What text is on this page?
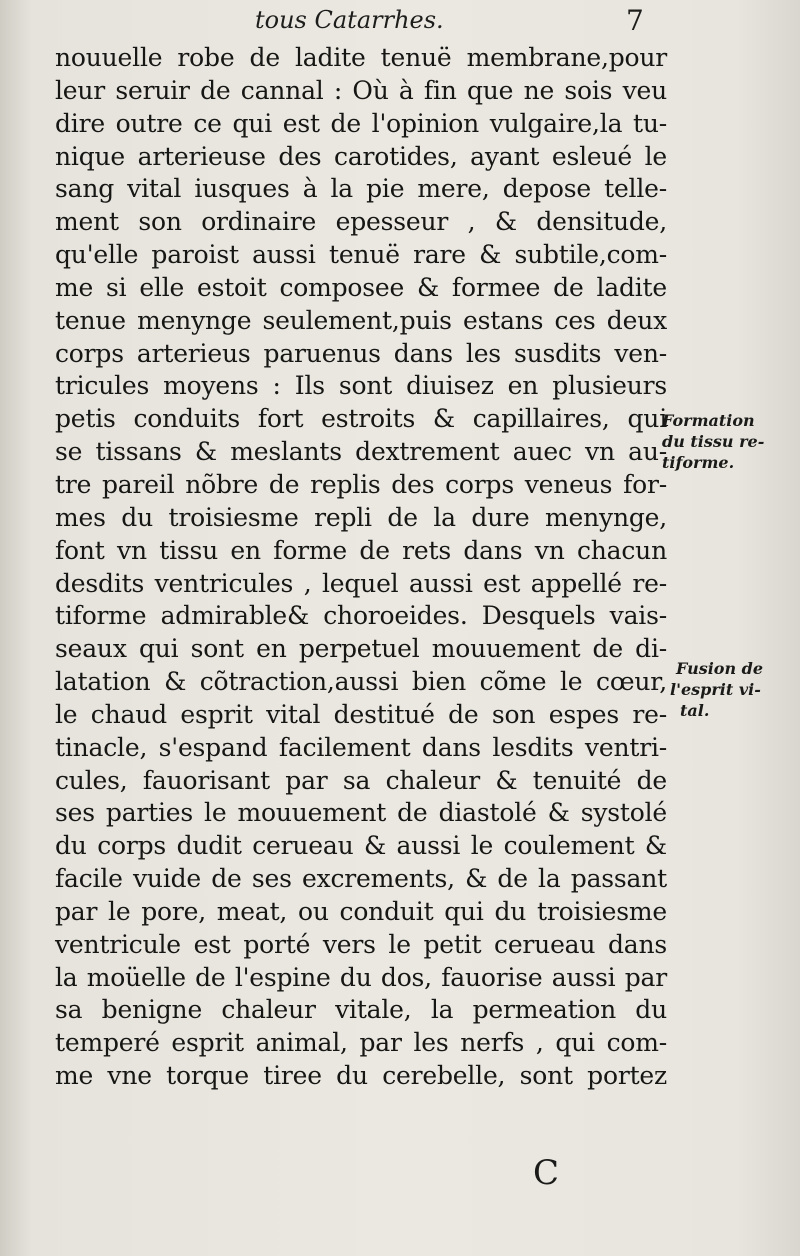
tous Catarrhes.	7
nouuelle robe de ladite tenuë membrane,pour
leur seruir de cannal : Où à fin que ne sois veu
dire outre ce qui est de l'opinion vulgaire,la tu-
nique arterieuse des carotides, ayant esleué le
sang vital iusques à la pie mere, depose telle-
ment son ordinaire epesseur , & densitude,
qu'elle paroist aussi tenuë rare & subtile,com-
me si elle estoit composee & formee de ladite
tenue menynge seulement,puis estans ces deux
corps arterieus paruenus dans les susdits ven-
tricules moyens : Ils sont diuisez en plusieurs
petis conduits fort estroits & capillaires, qui
se tissans & meslants dextrement auec vn au-
tre pareil nõbre de replis des corps veneus for-
mes du troisiesme repli de la dure menynge,
font vn tissu en forme de rets dans vn chacun
desdits ventricules , lequel aussi est appellé re-
tiforme admirable& choroeides. Desquels vais-
seaux qui sont en perpetuel mouuement de di-
latation & cõtraction,aussi bien cõme le cœur,
le chaud esprit vital destitué de son espes re-
tinacle, s'espand facilement dans lesdits ventri-
cules, fauorisant par sa chaleur & tenuité de
ses parties le mouuement de diastolé & systolé
du corps dudit cerueau & aussi le coulement &
facile vuide de ses excrements, & de la passant
par le pore, meat, ou conduit qui du troisiesme
ventricule est porté vers le petit cerueau dans
la moüelle de l'espine du dos, fauorise aussi par
sa benigne chaleur vitale, la permeation du
temperé esprit animal, par les nerfs , qui com-
me vne torque tiree du cerebelle, sont portez
Formation
du tissu re-
tiforme.
Fusion de
l'esprit vi-
tal.
C
